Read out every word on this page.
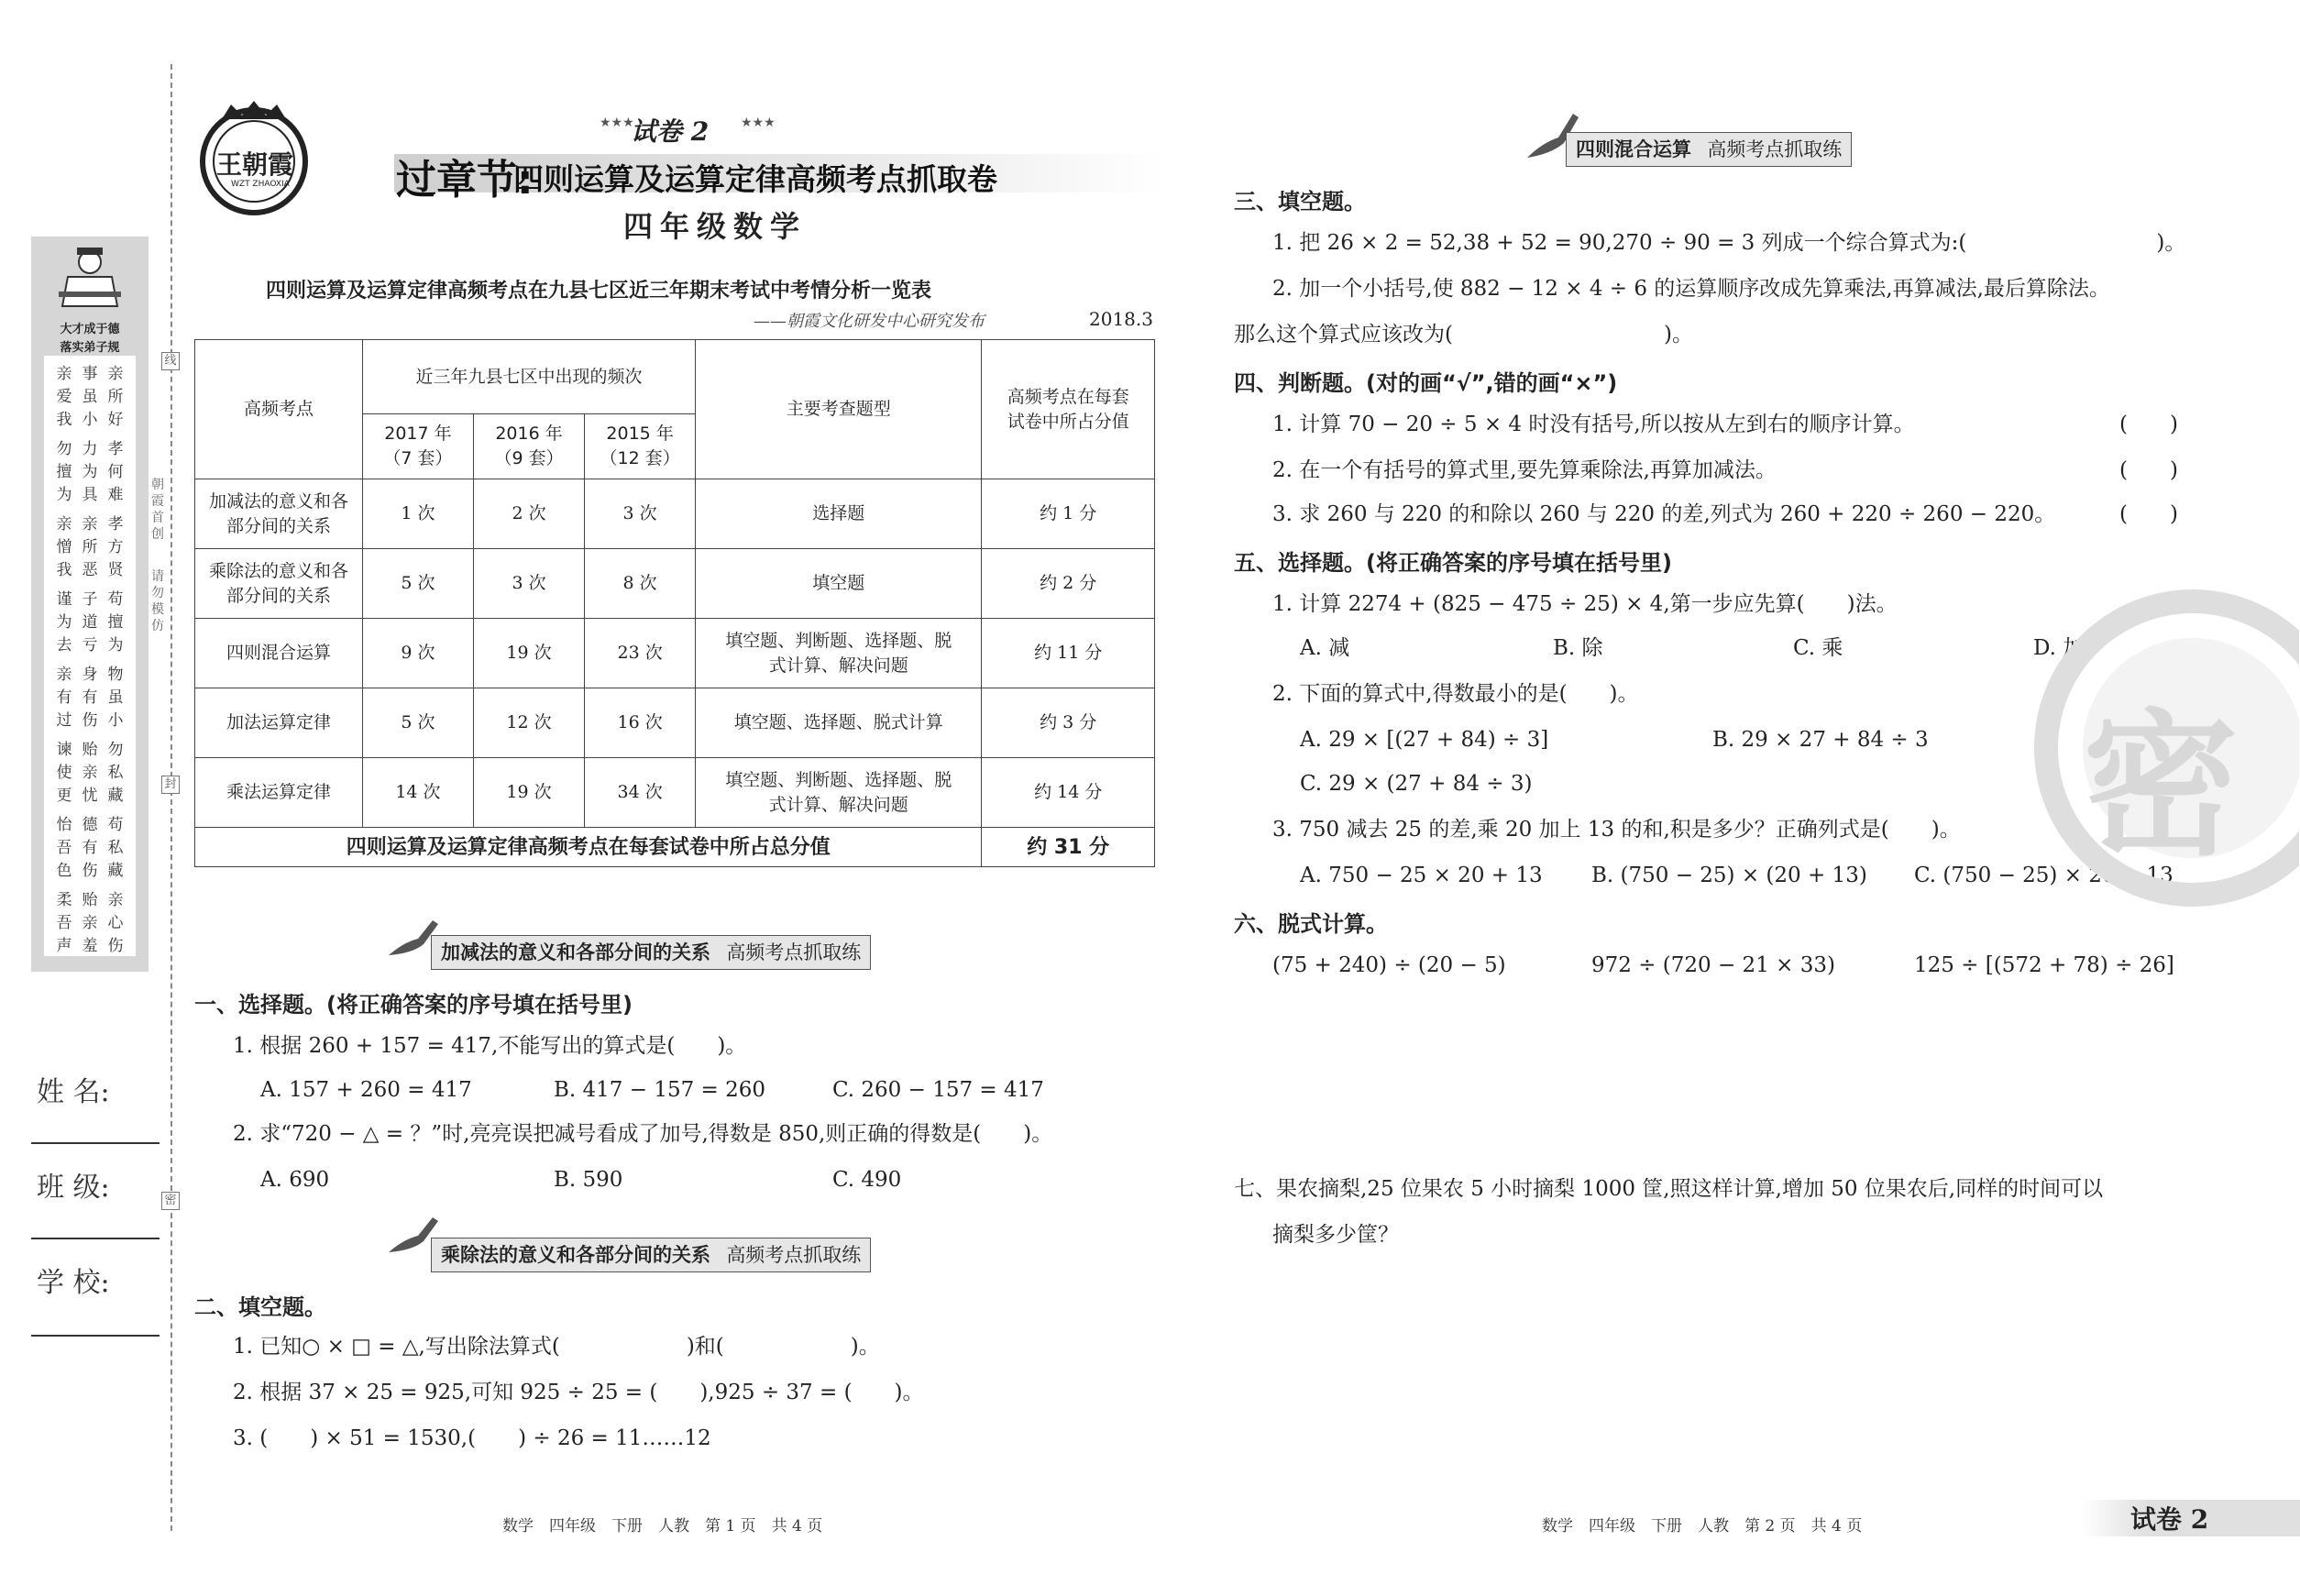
大才成于德
落实弟子规
亲爱我
事虽小
亲所好
勿擅为
力为具
孝何难
亲憎我
亲所恶
孝方贤
谨为去
子道亏
苟擅为
亲有过
身有伤
物虽小
谏使更
贻亲忧
勿私藏
怡吾色
德有伤
苟私藏
柔吾声
贻亲羞
亲心伤
朝霞首创
请勿模仿
线
封
密
姓 名:
班 级:
学 校:
王朝霞
WZT ZHAOXIA
★★★
试卷 2 ★★★
过章节:
四则运算及运算定律高频考点抓取卷
四年级数学
四则运算及运算定律高频考点在九县七区近三年期末考试中考情分析一览表
——朝霞文化研发中心研究发布	2018.3
高频考点	近三年九县七区中出现的频次			主要考查题型	高频考点在每套试卷中所占分值
	2017 年（7 套）	2016 年（9 套）	2015 年（12 套）		
加减法的意义和各部分间的关系	1 次	2 次	3 次	选择题	约 1 分
乘除法的意义和各部分间的关系	5 次	3 次	8 次	填空题	约 2 分
四则混合运算	9 次	19 次	23 次	填空题、判断题、选择题、脱式计算、解决问题	约 11 分
加法运算定律	5 次	12 次	16 次	填空题、选择题、脱式计算	约 3 分
乘法运算定律	14 次	19 次	34 次	填空题、判断题、选择题、脱式计算、解决问题	约 14 分
四则运算及运算定律高频考点在每套试卷中所占总分值					约 31 分
加减法的意义和各部分间的关系 高频考点抓取练
一、选择题。(将正确答案的序号填在括号里)
1. 根据 260 + 157 = 417,不能写出的算式是(　　)。
A. 157 + 260 = 417	B. 417 − 157 = 260	C. 260 − 157 = 417
2. 求“720 − △ = ？”时,亮亮误把减号看成了加号,得数是 850,则正确的得数是(　　)。
A. 690	B. 590	C. 490
乘除法的意义和各部分间的关系 高频考点抓取练
二、填空题。
1. 已知○ × □ = △,写出除法算式(　　　　　　)和(　　　　　　)。
2. 根据 37 × 25 = 925,可知 925 ÷ 25 = (　　),925 ÷ 37 = (　　)。
3. (　　) × 51 = 1530,(　　) ÷ 26 = 11……12
数学　四年级　下册　人教　第 1 页　共 4 页
四则混合运算 高频考点抓取练
三、填空题。
1. 把 26 × 2 = 52,38 + 52 = 90,270 ÷ 90 = 3 列成一个综合算式为:(　　　　　　　　　)。
2. 加一个小括号,使 882 − 12 × 4 ÷ 6 的运算顺序改成先算乘法,再算减法,最后算除法。
那么这个算式应该改为(　　　　　　　　　　)。
四、判断题。(对的画“√”,错的画“×”)
1. 计算 70 − 20 ÷ 5 × 4 时没有括号,所以按从左到右的顺序计算。	(　　)
2. 在一个有括号的算式里,要先算乘除法,再算加减法。	(　　)
3. 求 260 与 220 的和除以 260 与 220 的差,列式为 260 + 220 ÷ 260 − 220。	(　　)
五、选择题。(将正确答案的序号填在括号里)
1. 计算 2274 + (825 − 475 ÷ 25) × 4,第一步应先算(　　)法。
A. 减	B. 除	C. 乘	D. 加
2. 下面的算式中,得数最小的是(　　)。
A. 29 × [(27 + 84) ÷ 3]	B. 29 × 27 + 84 ÷ 3
C. 29 × (27 + 84 ÷ 3)
3. 750 减去 25 的差,乘 20 加上 13 的和,积是多少？正确列式是(　　)。
A. 750 − 25 × 20 + 13 B. (750 − 25) × (20 + 13) C. (750 − 25) × 20 + 13
六、脱式计算。
(75 + 240) ÷ (20 − 5)	972 ÷ (720 − 21 × 33)	125 ÷ [(572 + 78) ÷ 26]
七、果农摘梨,25 位果农 5 小时摘梨 1000 筐,照这样计算,增加 50 位果农后,同样的时间可以
摘梨多少筐？
密
数学　四年级　下册　人教　第 2 页　共 4 页	试卷 2
